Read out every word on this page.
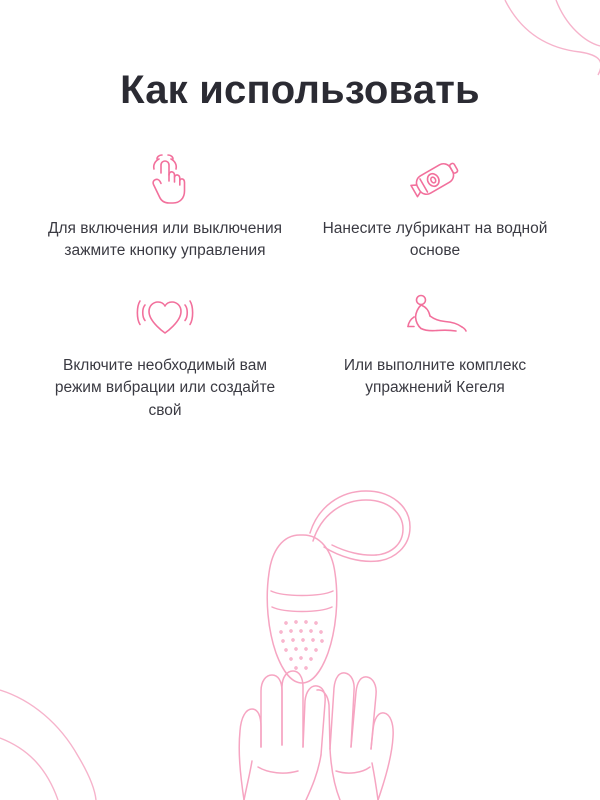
Как использовать
Для включения или выключения зажмите кнопку управления
Нанесите лубрикант на водной основе
Включите необходимый вам режим вибрации или создайте свой
Или выполните комплекс упражнений Кегеля
